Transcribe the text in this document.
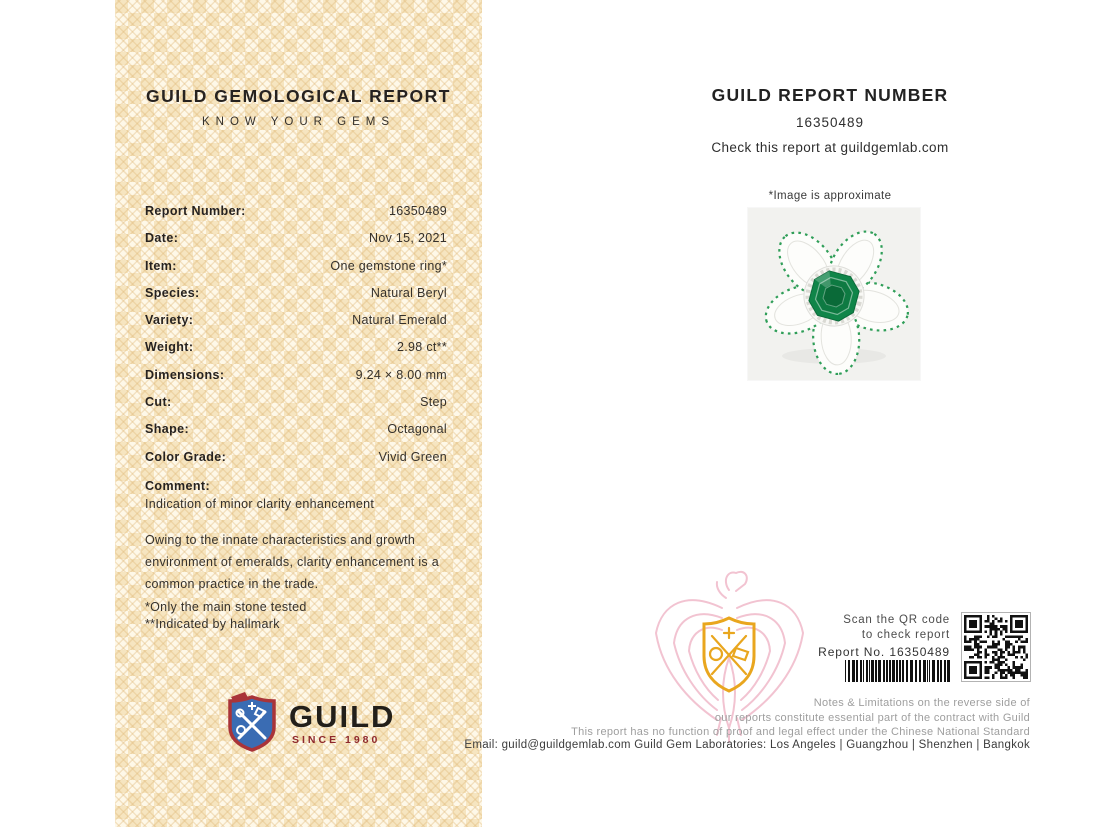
GUILD GEMOLOGICAL REPORT
KNOW YOUR GEMS
Report Number:	16350489
Date:	Nov 15, 2021
Item:	One gemstone ring*
Species:	Natural Beryl
Variety:	Natural Emerald
Weight:	2.98 ct**
Dimensions:	9.24 × 8.00 mm
Cut:	Step
Shape:	Octagonal
Color Grade:	Vivid Green
Comment:
Indication of minor clarity enhancement
Owing to the innate characteristics and growth environment of emeralds, clarity enhancement is a common practice in the trade.
*Only the main stone tested
**Indicated by hallmark
GUILD
SINCE 1980
GUILD REPORT NUMBER
16350489
Check this report at guildgemlab.com
*Image is approximate
Scan the QR code
to check report
Report No. 16350489
Notes & Limitations on the reverse side of
our reports constitute essential part of the contract with Guild
This report has no function of proof and legal effect under the Chinese National Standard
Email: guild@guildgemlab.com Guild Gem Laboratories: Los Angeles | Guangzhou | Shenzhen | Bangkok
